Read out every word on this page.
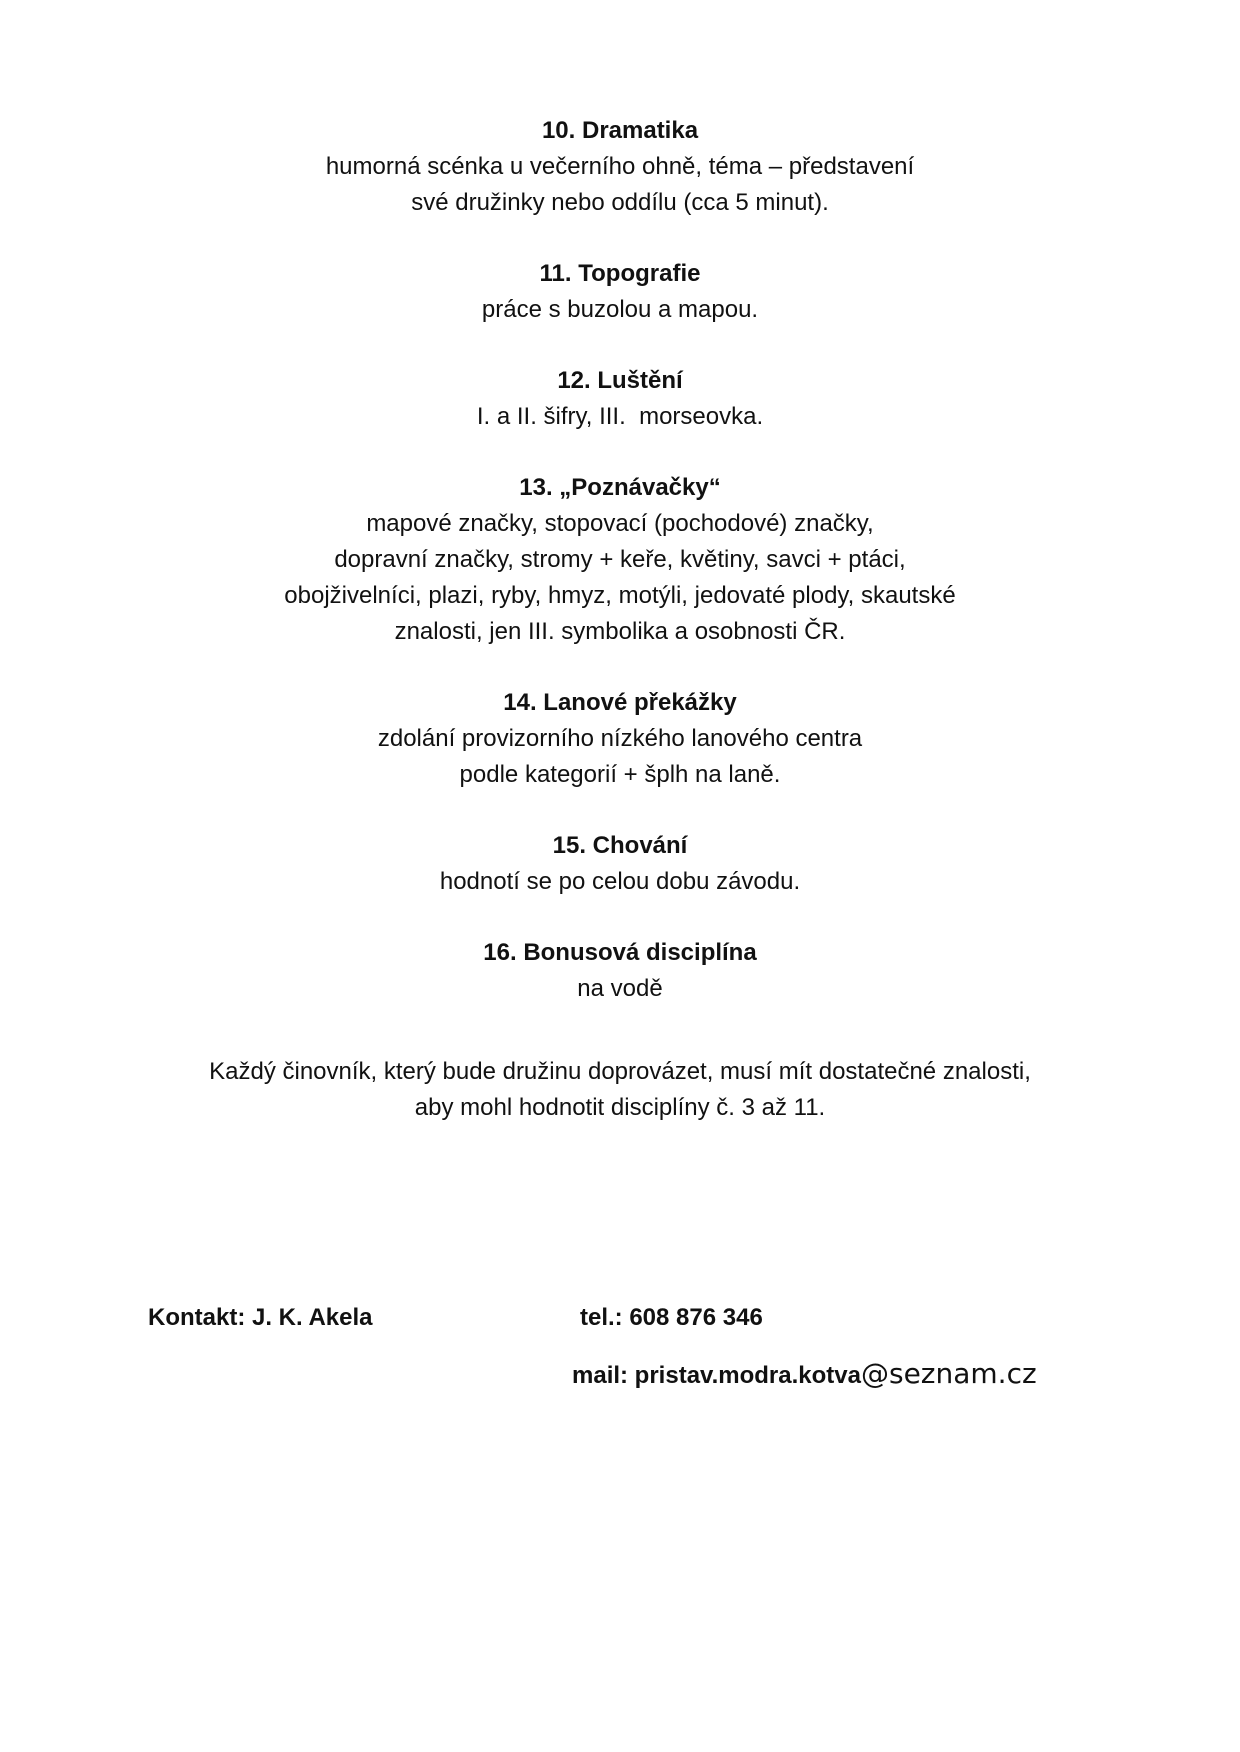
10. Dramatika
humorná scénka u večerního ohně, téma – představení
své družinky nebo oddílu (cca 5 minut).
11. Topografie
práce s buzolou a mapou.
12. Luštění
I. a II. šifry, III.  morseovka.
13. „Poznávačky“
mapové značky, stopovací (pochodové) značky,
dopravní značky, stromy + keře, květiny, savci + ptáci,
obojživelníci, plazi, ryby, hmyz, motýli, jedovaté plody, skautské
znalosti, jen III. symbolika a osobnosti ČR.
14. Lanové překážky
zdolání provizorního nízkého lanového centra
podle kategorií + šplh na laně.
15. Chování
hodnotí se po celou dobu závodu.
16. Bonusová disciplína
na vodě
Každý činovník, který bude družinu doprovázet, musí mít dostatečné znalosti,
aby mohl hodnotit disciplíny č. 3 až 11.
Kontakt: J. K. Akela	tel.: 608 876 346
mail: pristav.modra.kotva@seznam.cz
